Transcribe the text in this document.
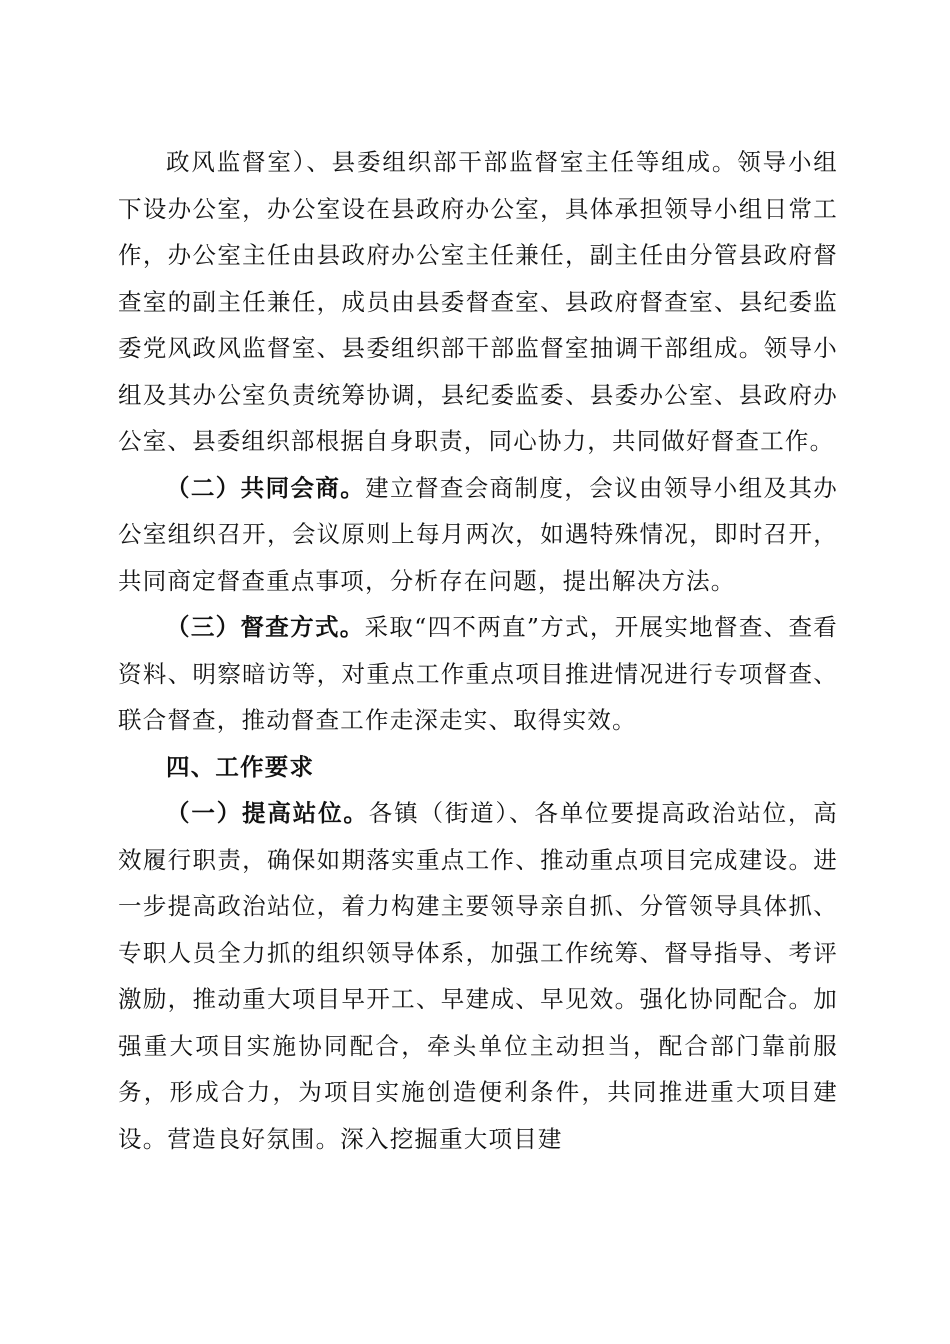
政风监督室）、县委组织部干部监督室主任等组成。领导小组下设办公室，办公室设在县政府办公室，具体承担领导小组日常工作，办公室主任由县政府办公室主任兼任，副主任由分管县政府督查室的副主任兼任，成员由县委督查室、县政府督查室、县纪委监委党风政风监督室、县委组织部干部监督室抽调干部组成。领导小组及其办公室负责统筹协调，县纪委监委、县委办公室、县政府办公室、县委组织部根据自身职责，同心协力，共同做好督查工作。

（二）共同会商。建立督查会商制度，会议由领导小组及其办公室组织召开，会议原则上每月两次，如遇特殊情况，即时召开，共同商定督查重点事项，分析存在问题，提出解决方法。

（三）督查方式。采取“四不两直”方式，开展实地督查、查看资料、明察暗访等，对重点工作重点项目推进情况进行专项督查、联合督查，推动督查工作走深走实、取得实效。

四、工作要求

（一）提高站位。各镇（街道）、各单位要提高政治站位，高效履行职责，确保如期落实重点工作、推动重点项目完成建设。进一步提高政治站位，着力构建主要领导亲自抓、分管领导具体抓、专职人员全力抓的组织领导体系，加强工作统筹、督导指导、考评激励，推动重大项目早开工、早建成、早见效。强化协同配合。加强重大项目实施协同配合，牵头单位主动担当，配合部门靠前服务，形成合力，为项目实施创造便利条件，共同推进重大项目建设。营造良好氛围。深入挖掘重大项目建
